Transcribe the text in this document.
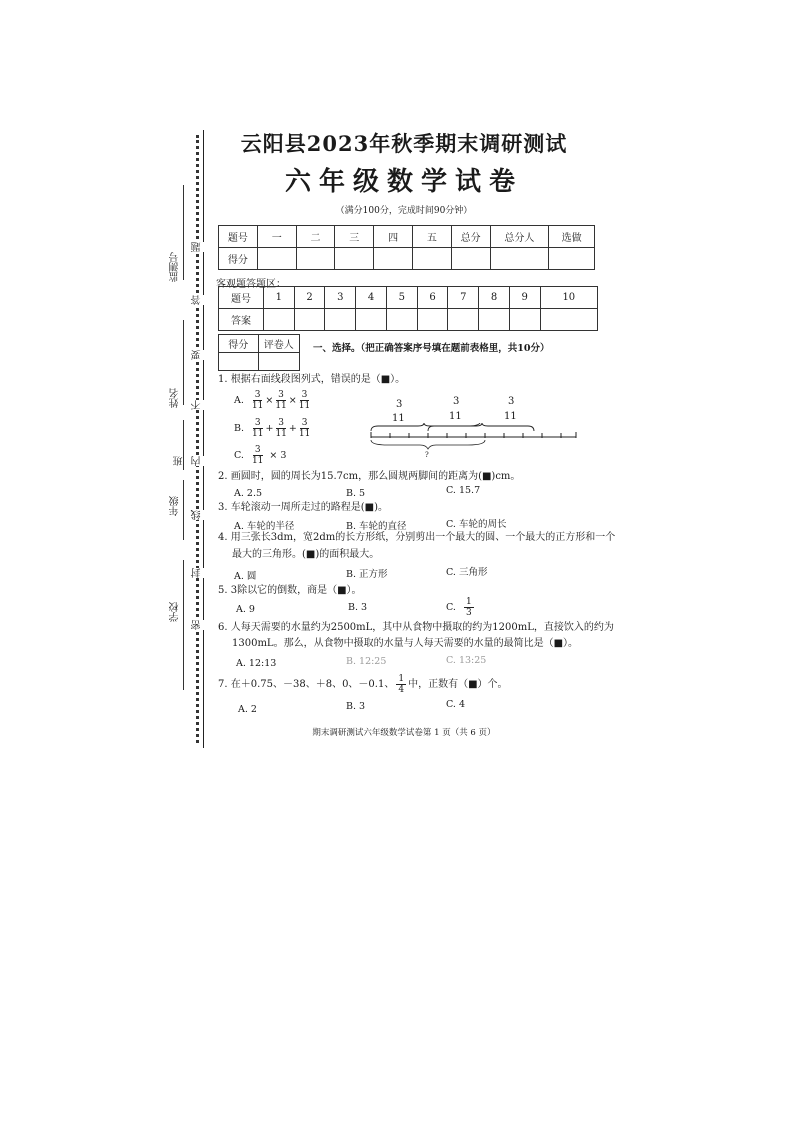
监测号
姓名
班
年级
学校
题
答
要
不
内
线
封
密
云阳县2023年秋季期末调研测试
六年级数学试卷
（满分100分，完成时间90分钟）
题号	一	二	三	四	五	总分	总分人	选做
得分								
客观题答题区：
题号	1	2	3	4	5	6	7	8	9	10
答案										
得分	评卷人
	一、选择。（把正确答案序号填在题前表格里，共10分）
1. 根据右面线段图列式，错误的是（■）。
A. $\frac{3}{11} \times \frac{3}{11} \times \frac{3}{11}$
B. $\frac{3}{11} + \frac{3}{11} + \frac{3}{11}$
C. $\frac{3}{11} \times 3$
3
11
3
11
3
11
?
2. 画圆时，圆的周长为15.7cm，那么圆规两脚间的距离为(■)cm。
A. 2.5	B. 5	C. 15.7
3. 车轮滚动一周所走过的路程是(■)。
A. 车轮的半径	B. 车轮的直径	C. 车轮的周长
4. 用三张长3dm，宽2dm的长方形纸，分别剪出一个最大的圆、一个最大的正方形和一个
最大的三角形。(■)的面积最大。
A. 圆	B. 正方形	C. 三角形
5. 3除以它的倒数，商是（■）。
A. 9	B. 3	C. $\frac{1}{3}$
6. 人每天需要的水量约为2500mL，其中从食物中摄取的约为1200mL，直接饮入的约为
1300mL。那么，从食物中摄取的水量与人每天需要的水量的最简比是（■）。
A. 12:13	B. 12:25	C. 13:25
7. 在＋0.75、－38、＋8、0、－0.1、 $\frac{1}{4}$ 中，正数有（■）个。
A. 2	B. 3	C. 4
期末调研测试六年级数学试卷第 1 页（共 6 页）
